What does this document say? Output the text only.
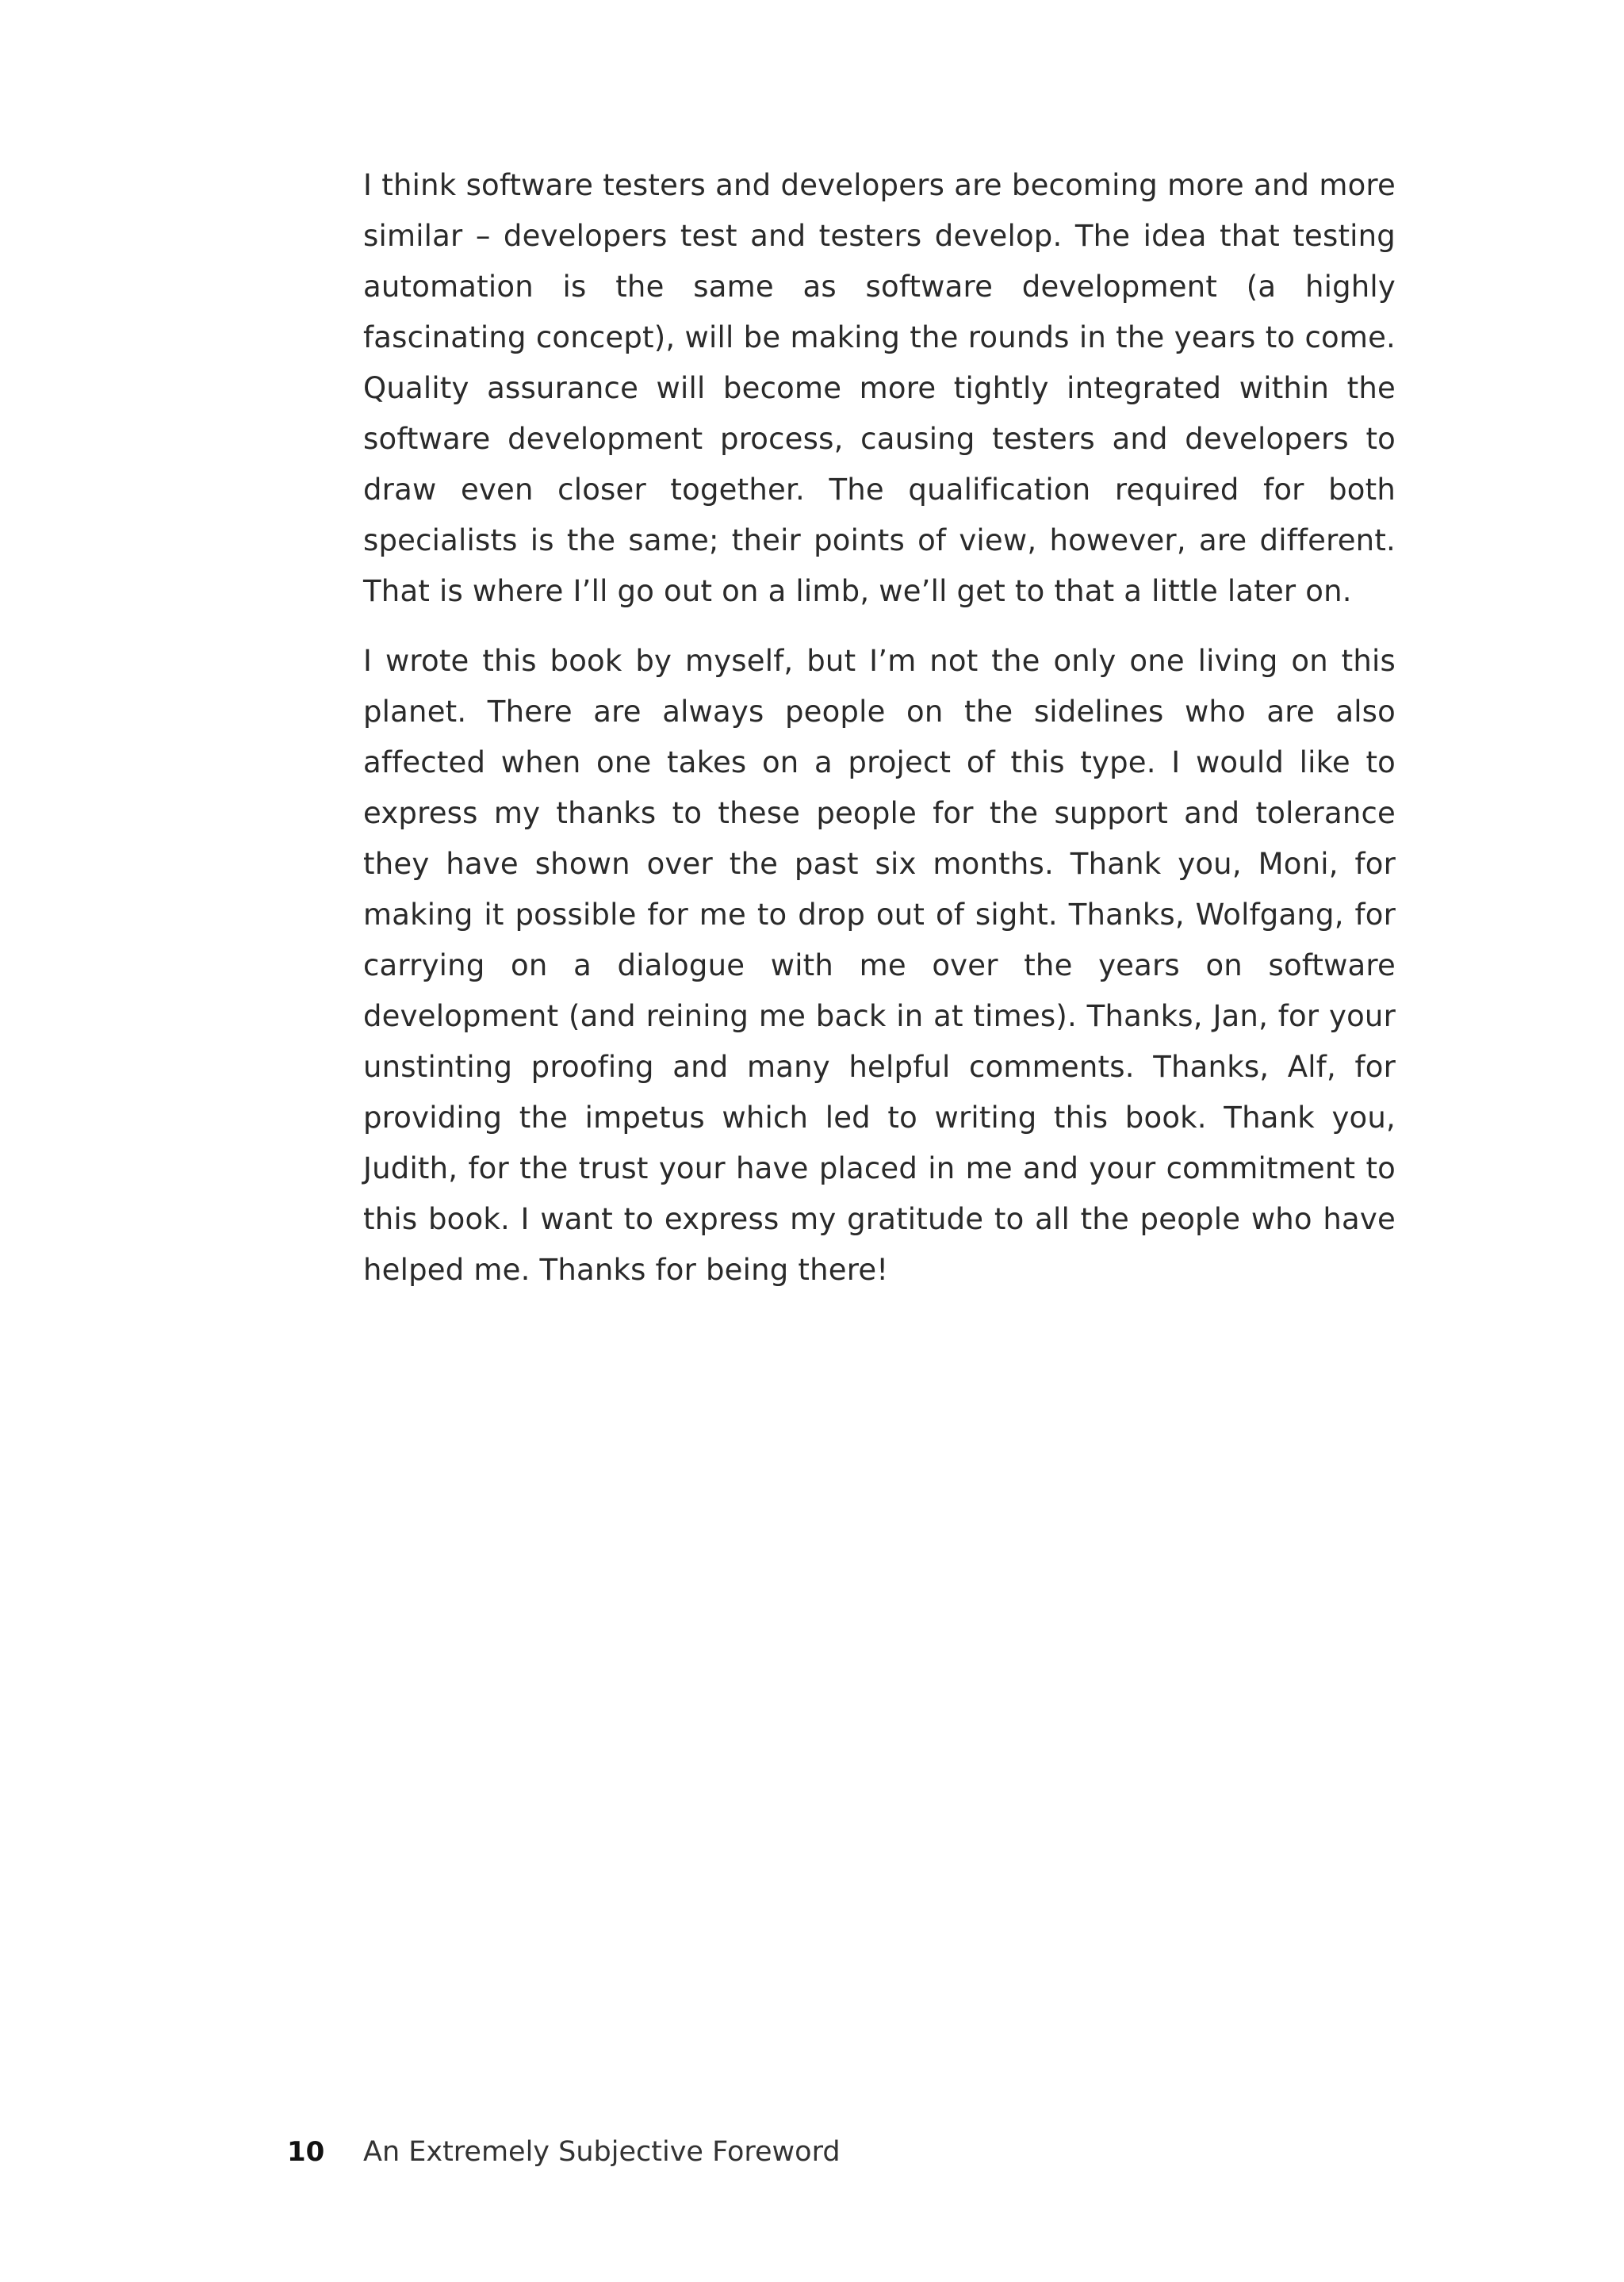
I think software testers and developers are becoming more and more similar – developers test and testers develop. The idea that testing automation is the same as software development (a highly fascinating concept), will be making the rounds in the years to come. Quality assurance will become more tightly integrated within the software development process, causing testers and developers to draw even closer together. The qualification required for both specialists is the same; their points of view, however, are different. That is where I’ll go out on a limb, we’ll get to that a little later on.

I wrote this book by myself, but I’m not the only one living on this planet. There are always people on the sidelines who are also affected when one takes on a project of this type. I would like to express my thanks to these people for the support and tolerance they have shown over the past six months. Thank you, Moni, for making it possible for me to drop out of sight. Thanks, Wolfgang, for carrying on a dialogue with me over the years on software development (and reining me back in at times). Thanks, Jan, for your unstinting proofing and many helpful comments. Thanks, Alf, for providing the impetus which led to writing this book. Thank you, Judith, for the trust your have placed in me and your commitment to this book. I want to express my gratitude to all the people who have helped me. Thanks for being there!

10	An Extremely Subjective Foreword
